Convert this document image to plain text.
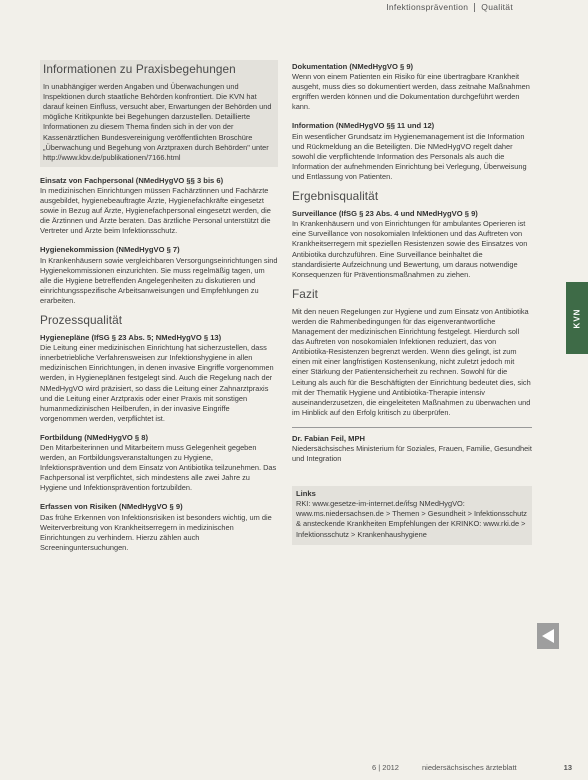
Infektionsprävention Qualität
Informationen zu Praxisbegehungen

In unabhängiger werden Angaben und Überwachungen und Inspektionen durch staatliche Behörden konfrontiert. Die KVN hat darauf keinen Einfluss, versucht aber, Erwartungen der Behörden und mögliche Kritikpunkte bei Begehungen darzustellen. Detaillierte Informationen zu diesem Thema finden sich in der von der Kassenärztlichen Bundesvereinigung veröffentlichten Broschüre „Überwachung und Begehung von Arztpraxen durch Behörden" unter

http://www.kbv.de/publikationen/7166.html

Einsatz von Fachpersonal (NMedHygVO §§ 3 bis 6)

In medizinischen Einrichtungen müssen Fachärztinnen und Fachärzte ausgebildet, hygienebeauftragte Ärzte, Hygienefachkräfte eingesetzt sowie in Bezug auf Ärzte, Hygienefachpersonal eingesetzt werden, die die Ärztinnen und Ärzte beraten. Das ärztliche Personal unterstützt die Vertreter und Ärzte beim Infektionsschutz.

Hygienekommission (NMedHygVO § 7)

In Krankenhäusern sowie vergleichbaren Versorgungseinrichtungen sind Hygienekommissionen einzurichten. Sie muss regelmäßig tagen, um alle die Hygiene betreffenden Angelegenheiten zu diskutieren und einrichtungsspezifische Arbeitsanweisungen und Empfehlungen zu erarbeiten.

Prozessqualität
Hygienepläne (IfSG § 23 Abs. 5; NMedHygVO § 13)

Die Leitung einer medizinischen Einrichtung hat sicherzustellen, dass innerbetriebliche Verfahrensweisen zur Infektionshygiene in allen medizinischen Einrichtungen, in denen invasive Eingriffe vorgenommen werden, in Hygieneplänen festgelegt sind. Auch die Regelung nach der NMedHygVO wird präzisiert, so dass die Leitung einer Zahnarztpraxis und die Leitung einer Arztpraxis oder einer Praxis mit sonstigen humanmedizinischen Heilberufen, in der invasive Eingriffe vorgenommen werden, verpflichtet ist.

Fortbildung (NMedHygVO § 8)

Den Mitarbeiterinnen und Mitarbeitern muss Gelegenheit gegeben werden, an Fortbildungsveranstaltungen zu Hygiene, Infektionsprävention und dem Einsatz von Antibiotika teilzunehmen. Das Fachpersonal ist verpflichtet, sich mindestens alle zwei Jahre zu Hygiene und Infektionsprävention fortzubilden.

Erfassen von Risiken (NMedHygVO § 9)

Das frühe Erkennen von Infektionsrisiken ist besonders wichtig, um die Weiterverbreitung von Krankheitserregern in medizinischen Einrichtungen zu verhindern. Hierzu zählen auch Screeninguntersuchungen.

Dokumentation (NMedHygVO § 9)

Wenn von einem Patienten ein Risiko für eine übertragbare Krankheit ausgeht, muss dies so dokumentiert werden, dass zeitnahe Maßnahmen ergriffen werden können und die Dokumentation durchgeführt werden kann.

Information (NMedHygVO §§ 11 und 12)

Ein wesentlicher Grundsatz im Hygienemanagement ist die Information und Rückmeldung an die Beteiligten. Die NMedHygVO regelt daher sowohl die verpflichtende Information des Personals als auch die Information der aufnehmenden Einrichtung bei Verlegung, Überweisung und Entlassung von Patienten.

Ergebnisqualität
Surveillance (IfSG § 23 Abs. 4 und NMedHygVO § 9)

In Krankenhäusern und von Einrichtungen für ambulantes Operieren ist eine Surveillance von nosokomialen Infektionen und das Auftreten von Krankheitserregern mit speziellen Resistenzen sowie des Einsatzes von Antibiotika durchzuführen. Eine Surveillance beinhaltet die standardisierte Aufzeichnung und Bewertung, um daraus notwendige Konsequenzen für Präventionsmaßnahmen zu ziehen.

Fazit

Mit den neuen Regelungen zur Hygiene und zum Einsatz von Antibiotika werden die Rahmenbedingungen für das eigenverantwortliche Management der medizinischen Einrichtung festgelegt. Hierdurch soll das Auftreten von nosokomialen Infektionen reduziert, das von Antibiotika-Resistenzen begrenzt werden. Wenn dies gelingt, ist zum einen mit einer langfristigen Kostensenkung, nicht zuletzt jedoch mit einer Stärkung der Patientensicherheit zu rechnen. Sowohl für die Leitung als auch für die Beschäftigten der Einrichtung bedeutet dies, sich mit der Thematik Hygiene und Antibiotika-Therapie intensiv auseinanderzusetzen, die eingeleiteten Maßnahmen zu überwachen und im Hinblick auf den Erfolg kritisch zu überprüfen.

Dr. Fabian Feil, MPH

Niedersächsisches Ministerium für Soziales, Frauen, Familie, Gesundheit und Integration

Links

RKI: www.gesetze-im-internet.de/ifsg NMedHygVO: www.ms.niedersachsen.de > Themen > Gesundheit > Infektionsschutz & ansteckende Krankheiten Empfehlungen der KRINKO: www.rki.de > Infektionsschutz > Krankenhaushygiene

KVN
6 | 2012	niedersächsisches ärzteblatt	13
